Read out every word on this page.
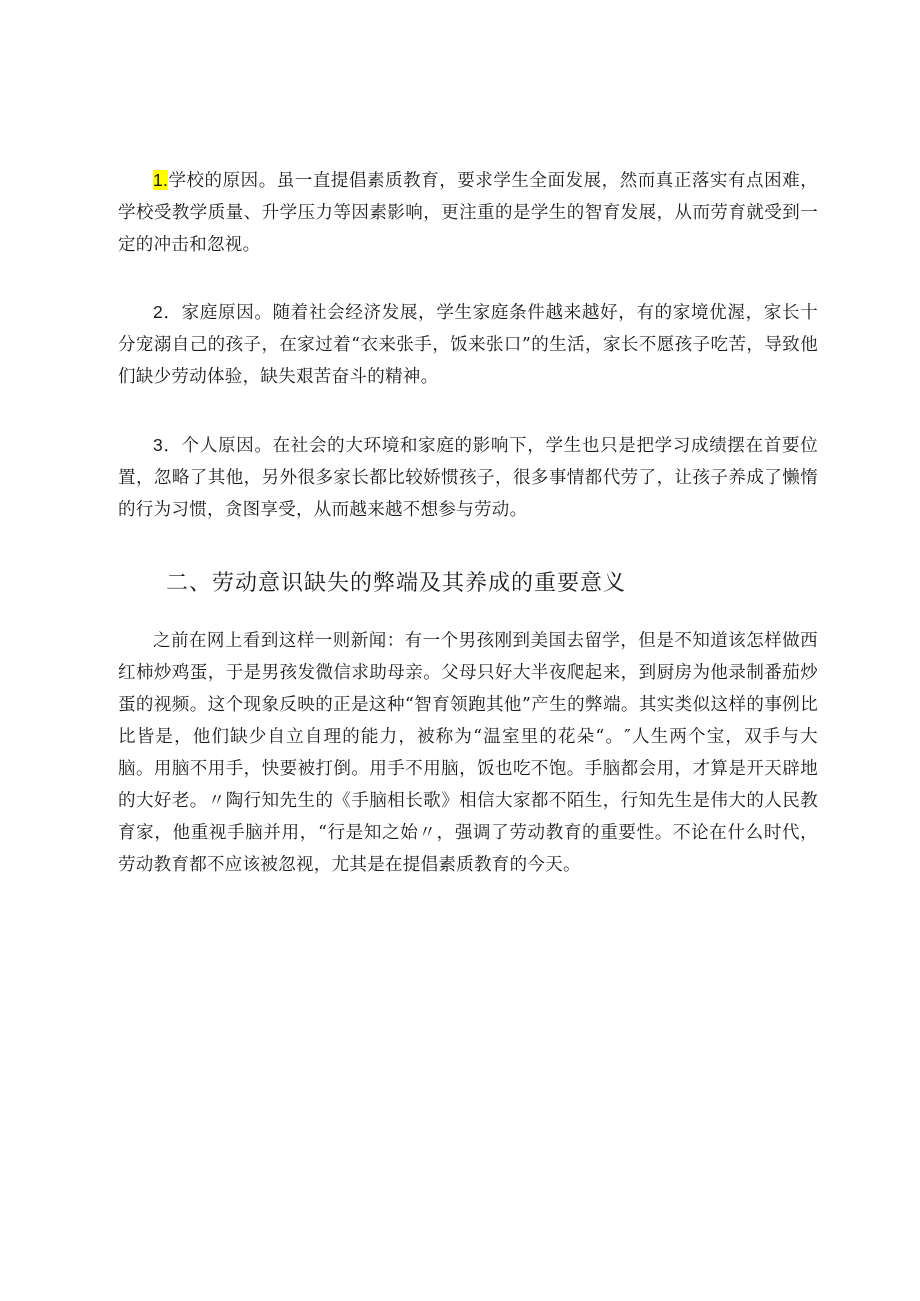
1.学校的原因。虽一直提倡素质教育，要求学生全面发展，然而真正落实有点困难，学校受教学质量、升学压力等因素影响，更注重的是学生的智育发展，从而劳育就受到一定的冲击和忽视。

2．家庭原因。随着社会经济发展，学生家庭条件越来越好，有的家境优渥，家长十分宠溺自己的孩子，在家过着“衣来张手，饭来张口”的生活，家长不愿孩子吃苦，导致他们缺少劳动体验，缺失艰苦奋斗的精神。

3．个人原因。在社会的大环境和家庭的影响下，学生也只是把学习成绩摆在首要位置，忽略了其他，另外很多家长都比较娇惯孩子，很多事情都代劳了，让孩子养成了懒惰的行为习惯，贪图享受，从而越来越不想参与劳动。

二、劳动意识缺失的弊端及其养成的重要意义

之前在网上看到这样一则新闻：有一个男孩刚到美国去留学，但是不知道该怎样做西红柿炒鸡蛋，于是男孩发微信求助母亲。父母只好大半夜爬起来，到厨房为他录制番茄炒蛋的视频。这个现象反映的正是这种“智育领跑其他”产生的弊端。其实类似这样的事例比比皆是，他们缺少自立自理的能力，被称为“温室里的花朵“。″人生两个宝，双手与大脑。用脑不用手，快要被打倒。用手不用脑，饭也吃不饱。手脑都会用，才算是开天辟地的大好老。〃陶行知先生的《手脑相长歌》相信大家都不陌生，行知先生是伟大的人民教育家，他重视手脑并用，“行是知之始〃，强调了劳动教育的重要性。不论在什么时代，劳动教育都不应该被忽视，尤其是在提倡素质教育的今天。
